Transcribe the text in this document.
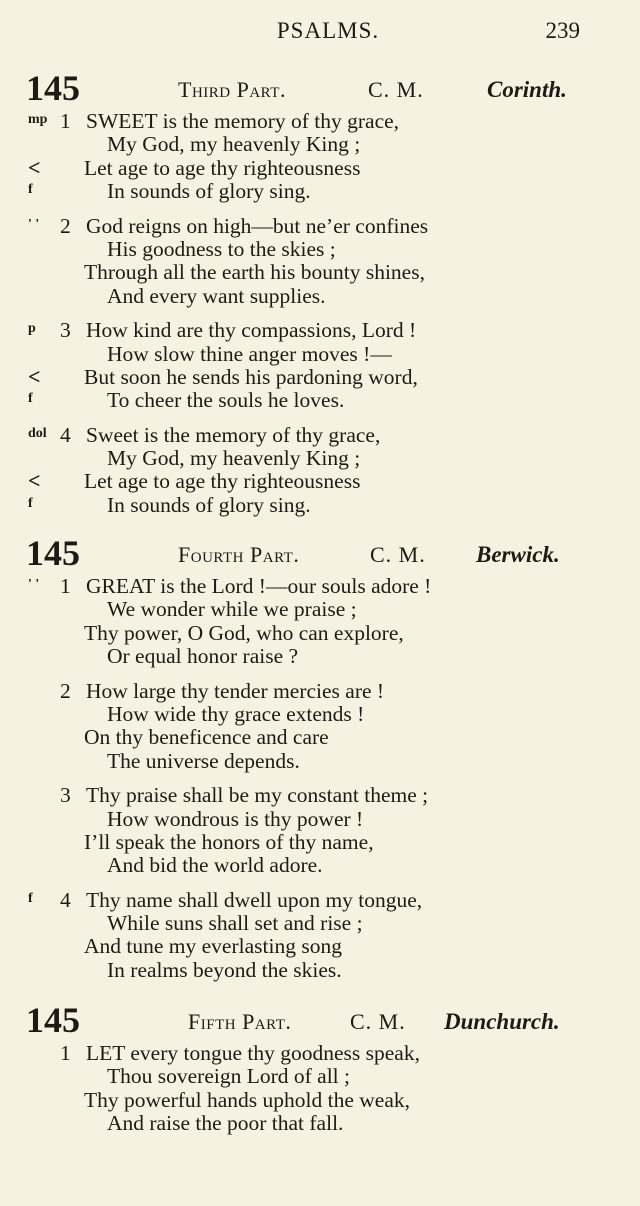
PSALMS.	239
145	Third Part.	C. M.	Corinth.
mp 1 SWEET is the memory of thy grace,
My God, my heavenly King ;
< Let age to age thy righteousness
f	In sounds of glory sing.
' ' 2 God reigns on high—but ne’er confines
His goodness to the skies ;
Through all the earth his bounty shines,
And every want supplies.
p 3 How kind are thy compassions, Lord !
How slow thine anger moves !—
< But soon he sends his pardoning word,
f	To cheer the souls he loves.
dol 4 Sweet is the memory of thy grace,
My God, my heavenly King ;
< Let age to age thy righteousness
f	In sounds of glory sing.
145	Fourth Part.	C. M. Berwick.
' ' 1 GREAT is the Lord !—our souls adore !
We wonder while we praise ;
Thy power, O God, who can explore,
Or equal honor raise ?
2 How large thy tender mercies are !
How wide thy grace extends !
On thy beneficence and care
The universe depends.
3 Thy praise shall be my constant theme ;
How wondrous is thy power !
I’ll speak the honors of thy name,
And bid the world adore.
f 4 Thy name shall dwell upon my tongue,
While suns shall set and rise ;
And tune my everlasting song
In realms beyond the skies.
145	Fifth Part.	C. M. Dunchurch.
1 LET every tongue thy goodness speak,
Thou sovereign Lord of all ;
Thy powerful hands uphold the weak,
And raise the poor that fall.
